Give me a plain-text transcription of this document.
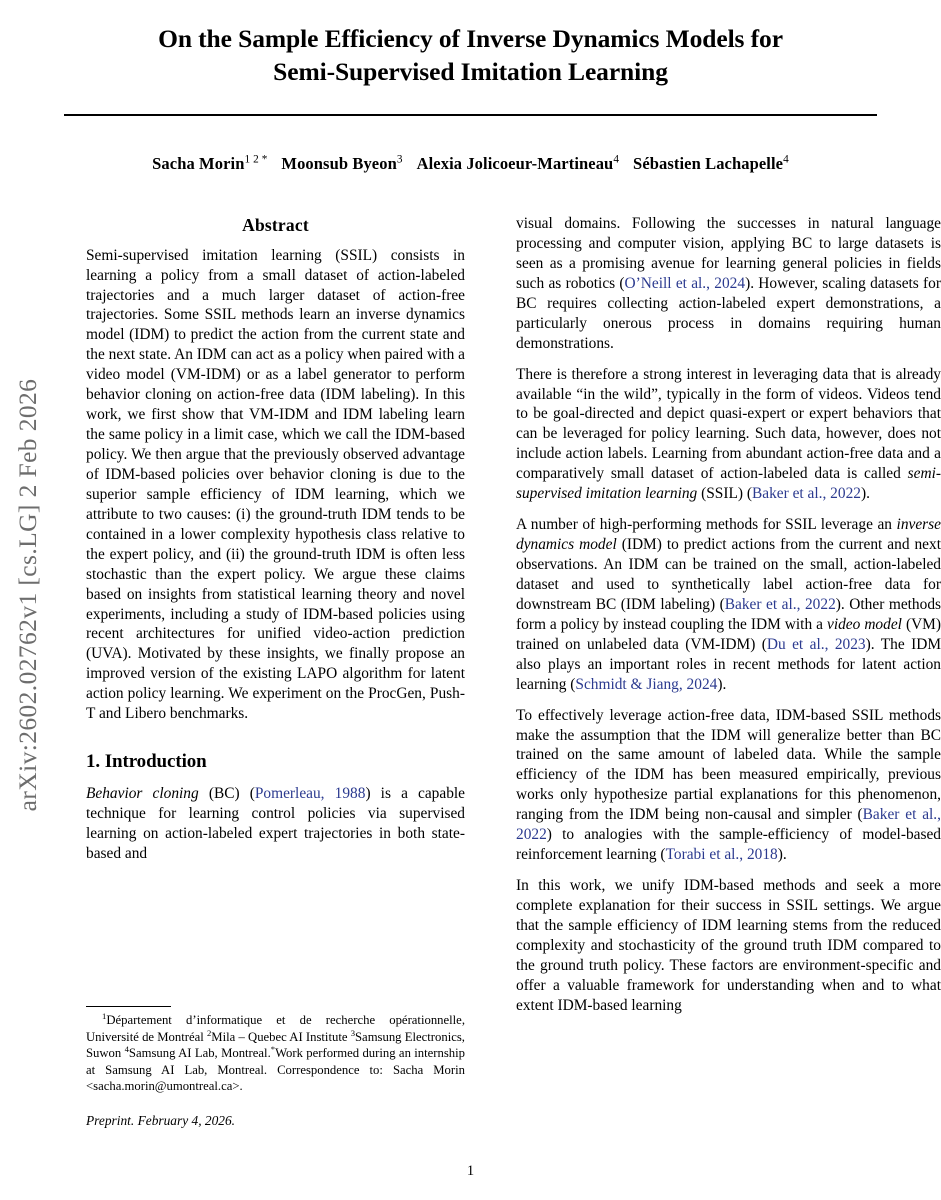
arXiv:2602.02762v1 [cs.LG] 2 Feb 2026
On the Sample Efficiency of Inverse Dynamics Models for
Semi-Supervised Imitation Learning
Sacha Morin$^{1 2 *}$ Moonsub Byeon$^3$ Alexia Jolicoeur-Martineau$^4$ Sébastien Lachapelle$^4$
Abstract

Semi-supervised imitation learning (SSIL) consists in learning a policy from a small dataset of action-labeled trajectories and a much larger dataset of action-free trajectories. Some SSIL methods learn an inverse dynamics model (IDM) to predict the action from the current state and the next state. An IDM can act as a policy when paired with a video model (VM-IDM) or as a label generator to perform behavior cloning on action-free data (IDM labeling). In this work, we first show that VM-IDM and IDM labeling learn the same policy in a limit case, which we call the IDM-based policy. We then argue that the previously observed advantage of IDM-based policies over behavior cloning is due to the superior sample efficiency of IDM learning, which we attribute to two causes: (i) the ground-truth IDM tends to be contained in a lower complexity hypothesis class relative to the expert policy, and (ii) the ground-truth IDM is often less stochastic than the expert policy. We argue these claims based on insights from statistical learning theory and novel experiments, including a study of IDM-based policies using recent architectures for unified video-action prediction (UVA). Motivated by these insights, we finally propose an improved version of the existing LAPO algorithm for latent action policy learning. We experiment on the ProcGen, Push-T and Libero benchmarks.

1. Introduction

Behavior cloning (BC) (Pomerleau, 1988) is a capable technique for learning control policies via supervised learning on action-labeled expert trajectories in both state-based and

visual domains. Following the successes in natural language processing and computer vision, applying BC to large datasets is seen as a promising avenue for learning general policies in fields such as robotics (O’Neill et al., 2024). However, scaling datasets for BC requires collecting action-labeled expert demonstrations, a particularly onerous process in domains requiring human demonstrations.

There is therefore a strong interest in leveraging data that is already available “in the wild”, typically in the form of videos. Videos tend to be goal-directed and depict quasi-expert or expert behaviors that can be leveraged for policy learning. Such data, however, does not include action labels. Learning from abundant action-free data and a comparatively small dataset of action-labeled data is called semi-supervised imitation learning (SSIL) (Baker et al., 2022).

A number of high-performing methods for SSIL leverage an inverse dynamics model (IDM) to predict actions from the current and next observations. An IDM can be trained on the small, action-labeled dataset and used to synthetically label action-free data for downstream BC (IDM labeling) (Baker et al., 2022). Other methods form a policy by instead coupling the IDM with a video model (VM) trained on unlabeled data (VM-IDM) (Du et al., 2023). The IDM also plays an important roles in recent methods for latent action learning (Schmidt & Jiang, 2024).

To effectively leverage action-free data, IDM-based SSIL methods make the assumption that the IDM will generalize better than BC trained on the same amount of labeled data. While the sample efficiency of the IDM has been measured empirically, previous works only hypothesize partial explanations for this phenomenon, ranging from the IDM being non-causal and simpler (Baker et al., 2022) to analogies with the sample-efficiency of model-based reinforcement learning (Torabi et al., 2018).

In this work, we unify IDM-based methods and seek a more complete explanation for their success in SSIL settings. We argue that the sample efficiency of IDM learning stems from the reduced complexity and stochasticity of the ground truth IDM compared to the ground truth policy. These factors are environment-specific and offer a valuable framework for understanding when and to what extent IDM-based learning

$^1$Département d’informatique et de recherche opérationnelle, Université de Montréal $^2$Mila – Quebec AI Institute $^3$Samsung Electronics, Suwon $^4$Samsung AI Lab, Montreal.*Work performed during an internship at Samsung AI Lab, Montreal. Correspondence to: Sacha Morin <sacha.morin@umontreal.ca>.

Preprint. February 4, 2026.
1
